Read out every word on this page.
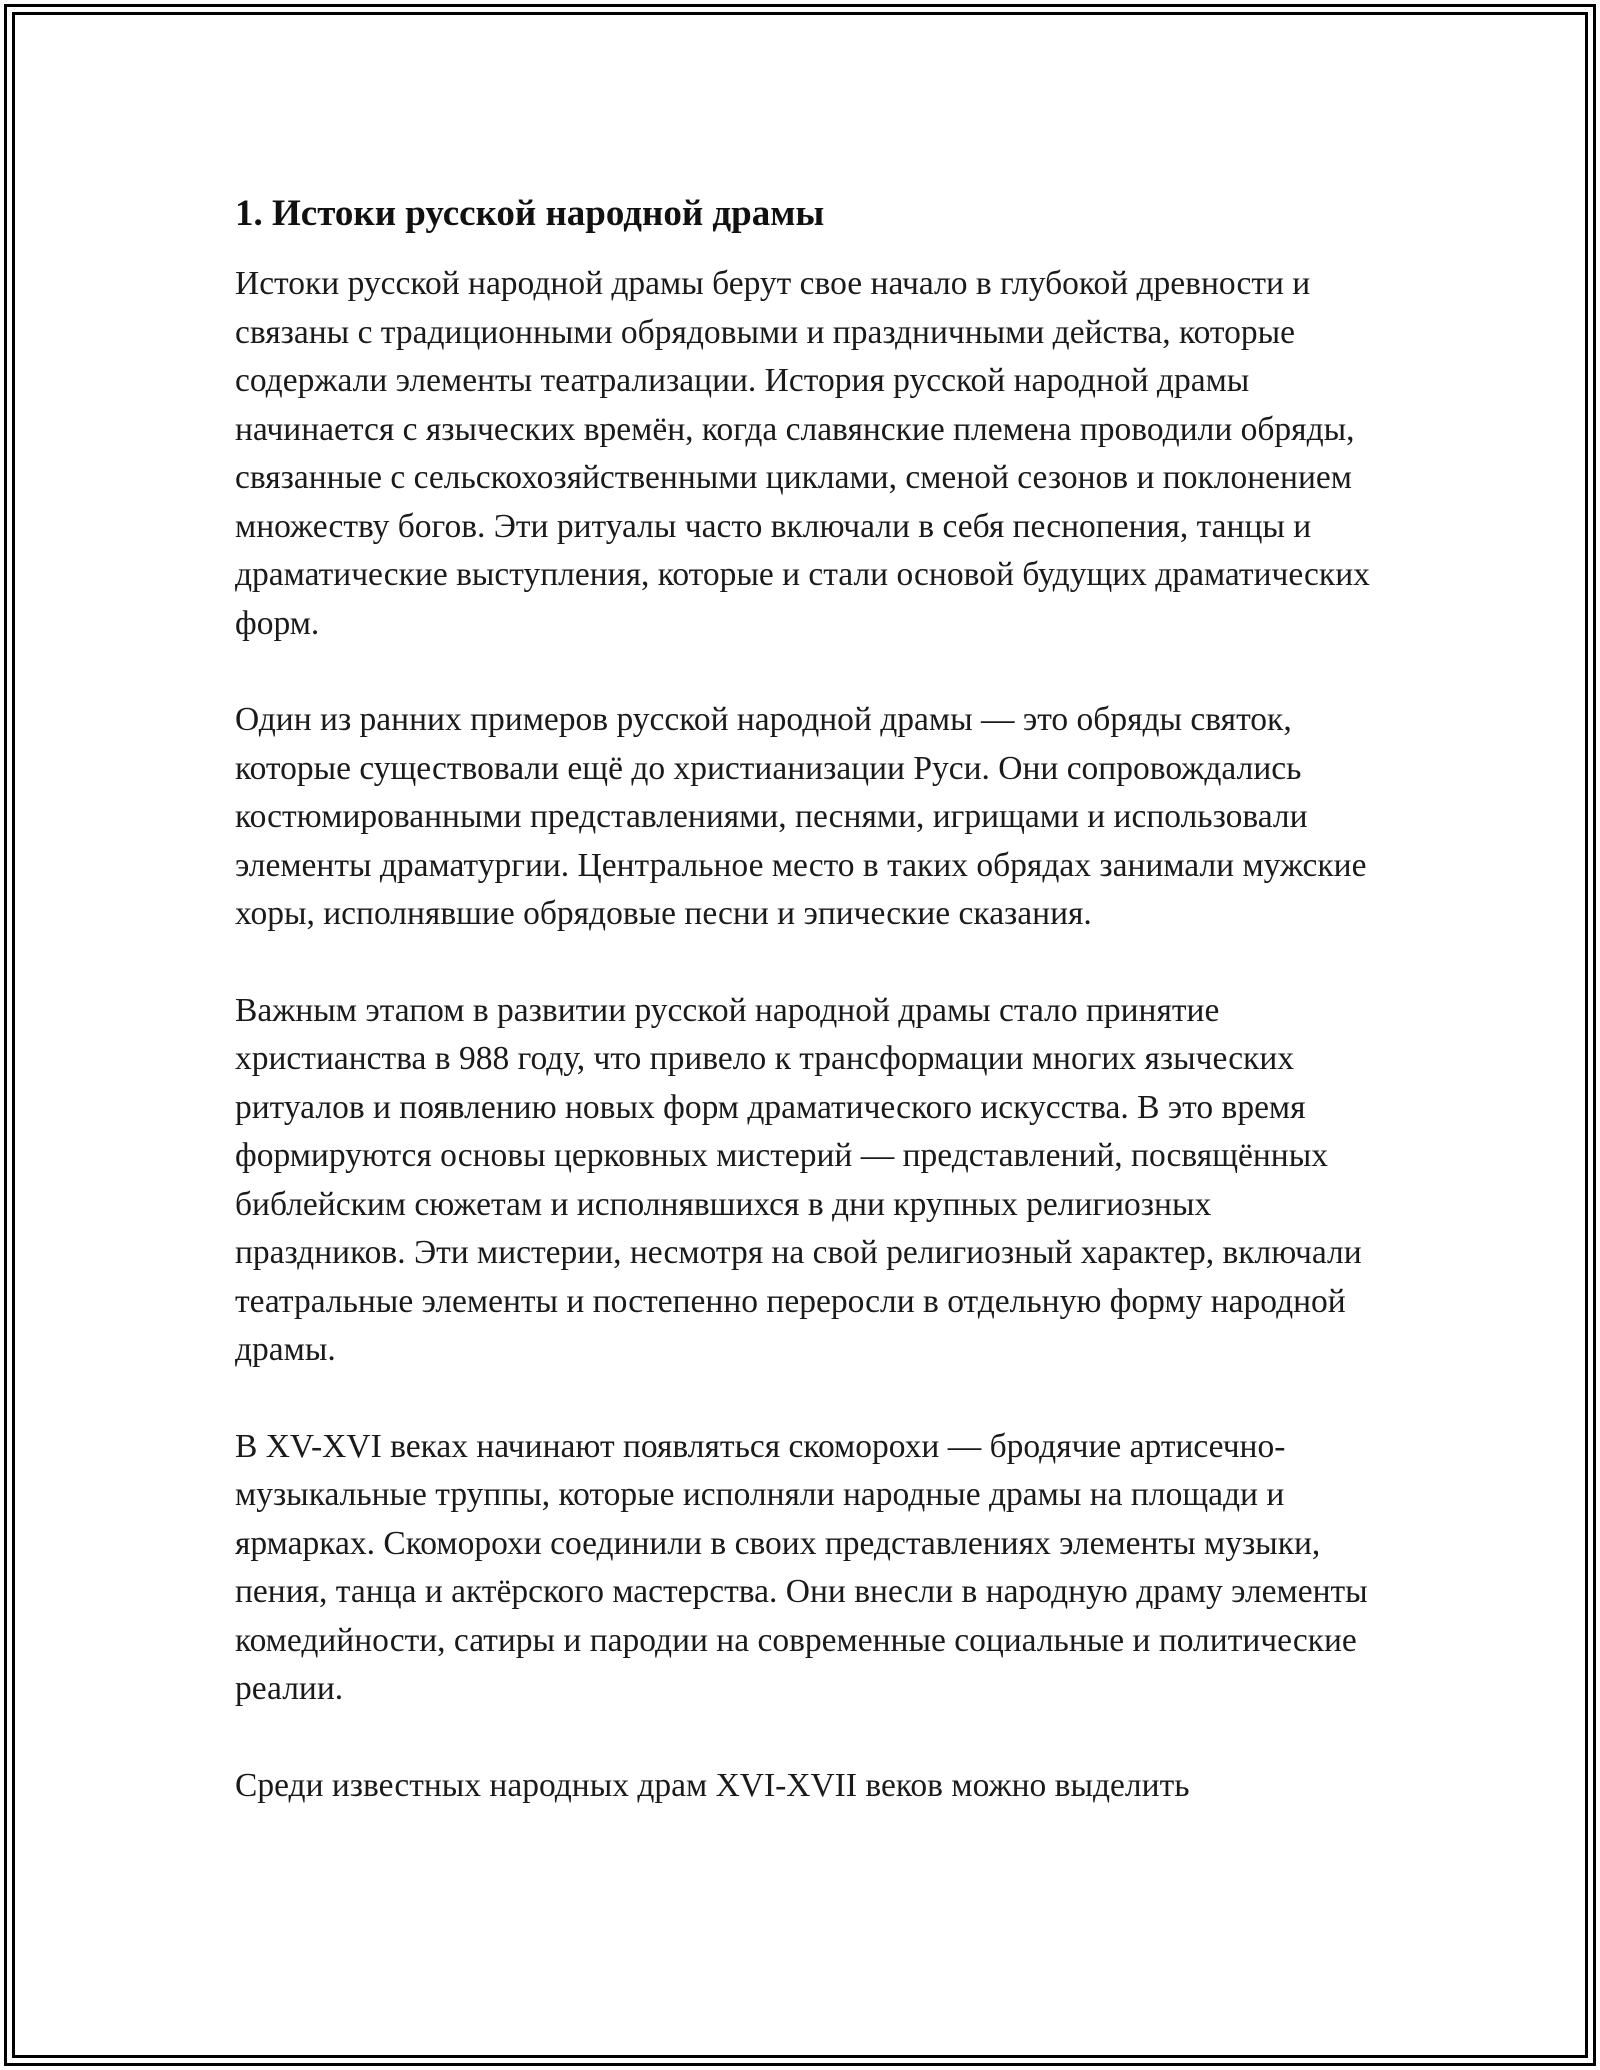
1. Истоки русской народной драмы

Истоки русской народной драмы берут свое начало в глубокой древности и связаны с традиционными обрядовыми и праздничными действа, которые содержали элементы театрализации. История русской народной драмы начинается с языческих времён, когда славянские племена проводили обряды, связанные с сельскохозяйственными циклами, сменой сезонов и поклонением множеству богов. Эти ритуалы часто включали в себя песнопения, танцы и драматические выступления, которые и стали основой будущих драматических форм.

Один из ранних примеров русской народной драмы — это обряды святок, которые существовали ещё до христианизации Руси. Они сопровождались костюмированными представлениями, песнями, игрищами и использовали элементы драматургии. Центральное место в таких обрядах занимали мужские хоры, исполнявшие обрядовые песни и эпические сказания.

Важным этапом в развитии русской народной драмы стало принятие христианства в 988 году, что привело к трансформации многих языческих ритуалов и появлению новых форм драматического искусства. В это время формируются основы церковных мистерий — представлений, посвящённых библейским сюжетам и исполнявшихся в дни крупных религиозных праздников. Эти мистерии, несмотря на свой религиозный характер, включали театральные элементы и постепенно переросли в отдельную форму народной драмы.

В XV-XVI веках начинают появляться скоморохи — бродячие артисечно-музыкальные труппы, которые исполняли народные драмы на площади и ярмарках. Скоморохи соединили в своих представлениях элементы музыки, пения, танца и актёрского мастерства. Они внесли в народную драму элементы комедийности, сатиры и пародии на современные социальные и политические реалии.

Среди известных народных драм XVI-XVII веков можно выделить
